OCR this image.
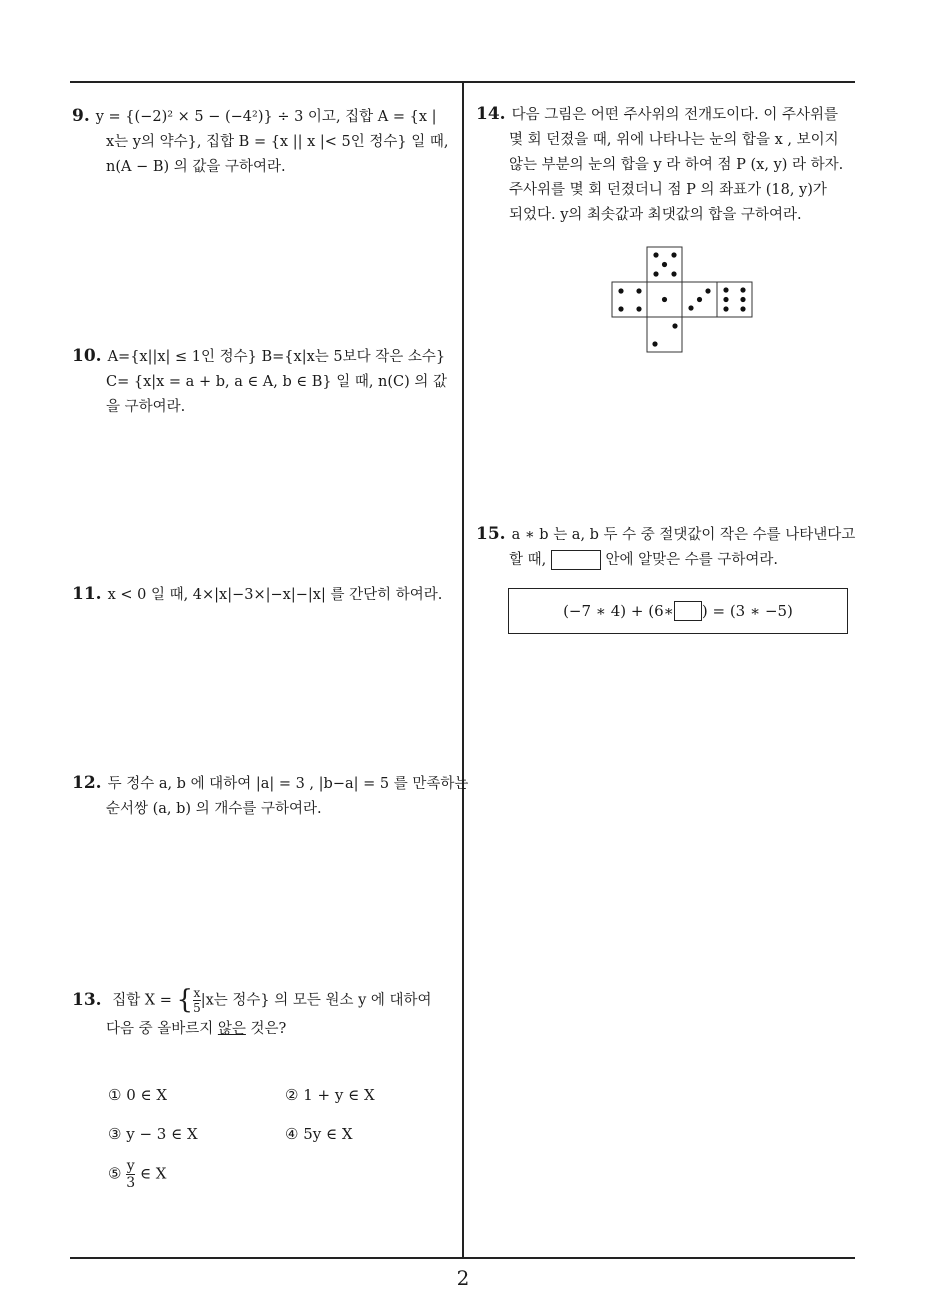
9. y = {(−2)² × 5 − (−4²)} ÷ 3 이고, 집합 A = {x |
x는 y의 약수}, 집합 B = {x || x |< 5인 정수} 일 때,
n(A − B) 의 값을 구하여라.
10. A={x||x| ≤ 1인 정수} B={x|x는 5보다 작은 소수}
C= {x|x = a + b, a ∈ A, b ∈ B} 일 때, n(C) 의 값
을 구하여라.
11. x < 0 일 때, 4×|x|−3×|−x|−|x| 를 간단히 하여라.
12. 두 정수 a, b 에 대하여 |a| = 3 , |b−a| = 5 를 만족하는
순서쌍 (a, b) 의 개수를 구하여라.
13. 집합 X = { $\frac{x}{5} |x$는 정수} 의 모든 원소 y 에 대하여
다음 중 올바르지 않은 것은?
① 0 ∈ X	② 1 + y ∈ X
③ y − 3 ∈ X	④ 5y ∈ X
⑤ $\frac{y}{3}$ ∈ X
14. 다음 그림은 어떤 주사위의 전개도이다. 이 주사위를
몇 회 던졌을 때, 위에 나타나는 눈의 합을 x , 보이지
않는 부분의 눈의 합을 y 라 하여 점 P (x, y) 라 하자.
주사위를 몇 회 던졌더니 점 P 의 좌표가 (18, y)가
되었다. y의 최솟값과 최댓값의 합을 구하여라.
15. a ∗ b 는 a, b 두 수 중 절댓값이 작은 수를 나타낸다고
할 때,	안에 알맞은 수를 구하여라.
(−7 ∗ 4) + (6∗ ) = (3 ∗ −5)
2
